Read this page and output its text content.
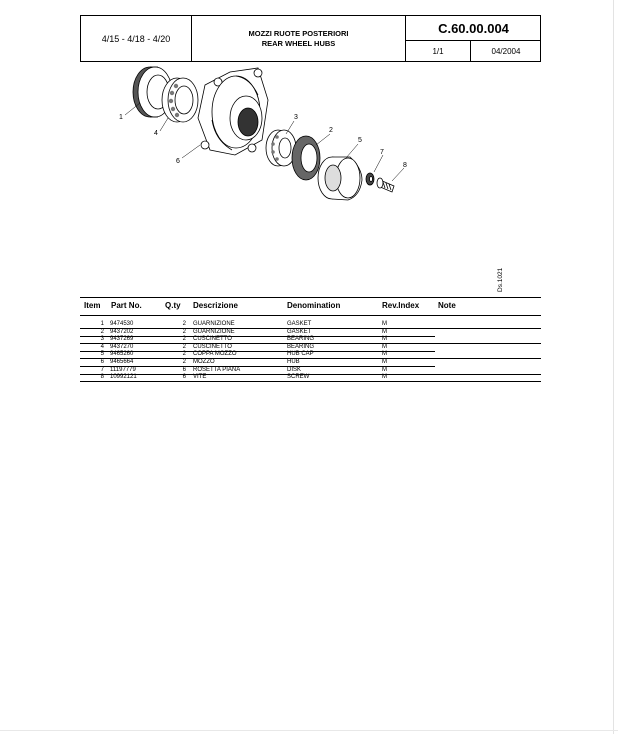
4/15 - 4/18 - 4/20
MOZZI RUOTE POSTERIORI
REAR WHEEL HUBS
C.60.00.004
1/1	04/2004
1
2
3
4
5
6
7
8
Ds.1021
Item Part No.	Q.ty Descrizione	Denomination	Rev.Index Note
1 9474530	2 GUARNIZIONE	GASKET	M
2 9437202	2 GUARNIZIONE	GASKET	M
3 9437269	2 CUSCINETTO	BEARING	M
4 9437270	2 CUSCINETTO	BEARING	M
5 9465260	2 COPPA MOZZO	HUB CAP	M
6 9465664	2 MOZZO	HUB	M
7 11197779	6 ROSETTA PIANA	DISK	M
8 10992121	6 VITE	SCREW	M
